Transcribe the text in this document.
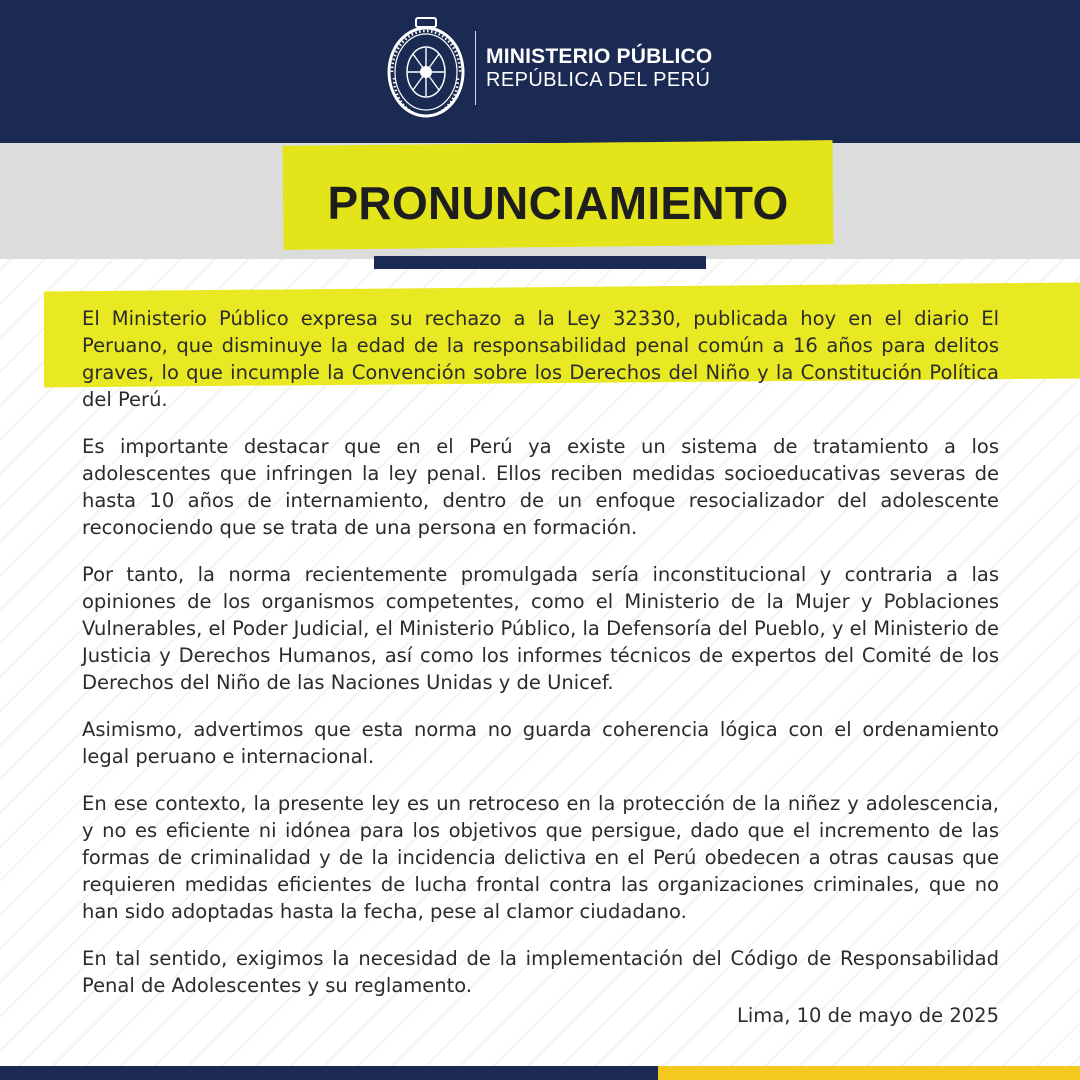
MINISTERIO PÚBLICO
REPÚBLICA DEL PERÚ
PRONUNCIAMIENTO

El Ministerio Público expresa su rechazo a la Ley 32330, publicada hoy en el diario El Peruano, que disminuye la edad de la responsabilidad penal común a 16 años para delitos graves, lo que incumple la Convención sobre los Derechos del Niño y la Constitución Política del Perú.

Es importante destacar que en el Perú ya existe un sistema de tratamiento a los adolescentes que infringen la ley penal. Ellos reciben medidas socioeducativas severas de hasta 10 años de internamiento, dentro de un enfoque resocializador del adolescente reconociendo que se trata de una persona en formación.

Por tanto, la norma recientemente promulgada sería inconstitucional y contraria a las opiniones de los organismos competentes, como el Ministerio de la Mujer y Poblaciones Vulnerables, el Poder Judicial, el Ministerio Público, la Defensoría del Pueblo, y el Ministerio de Justicia y Derechos Humanos, así como los informes técnicos de expertos del Comité de los Derechos del Niño de las Naciones Unidas y de Unicef.

Asimismo, advertimos que esta norma no guarda coherencia lógica con el ordenamiento legal peruano e internacional.

En ese contexto, la presente ley es un retroceso en la protección de la niñez y adolescencia, y no es eficiente ni idónea para los objetivos que persigue, dado que el incremento de las formas de criminalidad y de la incidencia delictiva en el Perú obedecen a otras causas que requieren medidas eficientes de lucha frontal contra las organizaciones criminales, que no han sido adoptadas hasta la fecha, pese al clamor ciudadano.

En tal sentido, exigimos la necesidad de la implementación del Código de Responsabilidad Penal de Adolescentes y su reglamento.

Lima, 10 de mayo de 2025
